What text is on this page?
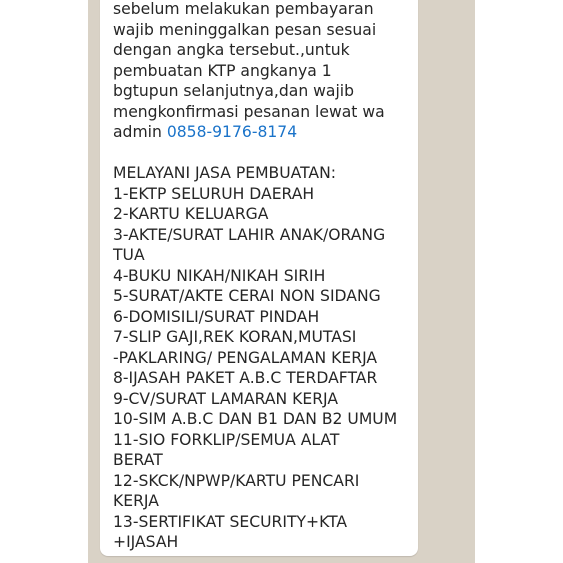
sebelum melakukan pembayaran
wajib meninggalkan pesan sesuai
dengan angka tersebut.,untuk
pembuatan KTP angkanya 1
bgtupun selanjutnya,dan wajib
mengkonfirmasi pesanan lewat wa
admin 0858-9176-8174
MELAYANI JASA PEMBUATAN:
1-EKTP SELURUH DAERAH
2-KARTU KELUARGA
3-AKTE/SURAT LAHIR ANAK/ORANG
TUA
4-BUKU NIKAH/NIKAH SIRIH
5-SURAT/AKTE CERAI NON SIDANG
6-DOMISILI/SURAT PINDAH
7-SLIP GAJI,REK KORAN,MUTASI
-PAKLARING/ PENGALAMAN KERJA
8-IJASAH PAKET A.B.C TERDAFTAR
9-CV/SURAT LAMARAN KERJA
10-SIM A.B.C DAN B1 DAN B2 UMUM
11-SIO FORKLIP/SEMUA ALAT
BERAT
12-SKCK/NPWP/KARTU PENCARI
KERJA
13-SERTIFIKAT SECURITY+KTA
+IJASAH
